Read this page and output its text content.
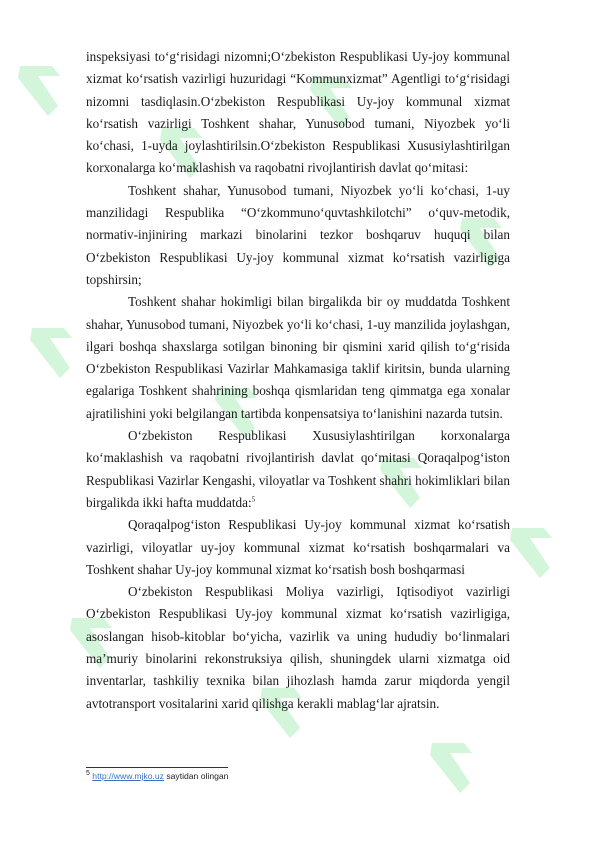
inspeksiyasi to‘g‘risidagi nizomni;O‘zbekiston Respublikasi Uy-joy kommunal xizmat ko‘rsatish vazirligi huzuridagi “Kommunxizmat” Agentligi to‘g‘risidagi nizomni tasdiqlasin.O‘zbekiston Respublikasi Uy-joy kommunal xizmat ko‘rsatish vazirligi Toshkent shahar, Yunusobod tumani, Niyozbek yo‘li ko‘chasi, 1-uyda joylashtirilsin.O‘zbekiston Respublikasi Xususiylashtirilgan korxonalarga ko‘maklashish va raqobatni rivojlantirish davlat qo‘mitasi:

Toshkent shahar, Yunusobod tumani, Niyozbek yo‘li ko‘chasi, 1-uy manzilidagi Respublika “O‘zkommuno‘quvtashkilotchi” o‘quv-metodik, normativ-injiniring markazi binolarini tezkor boshqaruv huquqi bilan O‘zbekiston Respublikasi Uy-joy kommunal xizmat ko‘rsatish vazirligiga topshirsin;

Toshkent shahar hokimligi bilan birgalikda bir oy muddatda Toshkent shahar, Yunusobod tumani, Niyozbek yo‘li ko‘chasi, 1-uy manzilida joylashgan, ilgari boshqa shaxslarga sotilgan binoning bir qismini xarid qilish to‘g‘risida O‘zbekiston Respublikasi Vazirlar Mahkamasiga taklif kiritsin, bunda ularning egalariga Toshkent shahrining boshqa qismlaridan teng qimmatga ega xonalar ajratilishini yoki belgilangan tartibda konpensatsiya to‘lanishini nazarda tutsin.

O‘zbekiston Respublikasi Xususiylashtirilgan korxonalarga ko‘maklashish va raqobatni rivojlantirish davlat qo‘mitasi Qoraqalpog‘iston Respublikasi Vazirlar Kengashi, viloyatlar va Toshkent shahri hokimliklari bilan birgalikda ikki hafta muddatda:$^5$

Qoraqalpog‘iston Respublikasi Uy-joy kommunal xizmat ko‘rsatish vazirligi, viloyatlar uy-joy kommunal xizmat ko‘rsatish boshqarmalari va Toshkent shahar Uy-joy kommunal xizmat ko‘rsatish bosh boshqarmasi

O‘zbekiston Respublikasi Moliya vazirligi, Iqtisodiyot vazirligi O‘zbekiston Respublikasi Uy-joy kommunal xizmat ko‘rsatish vazirligiga, asoslangan hisob-kitoblar bo‘yicha, vazirlik va uning hududiy bo‘linmalari ma’muriy binolarini rekonstruksiya qilish, shuningdek ularni xizmatga oid inventarlar, tashkiliy texnika bilan jihozlash hamda zarur miqdorda yengil avtotransport vositalarini xarid qilishga kerakli mablag‘lar ajratsin.

$^5$ http://www.mjko.uz saytidan olingan
